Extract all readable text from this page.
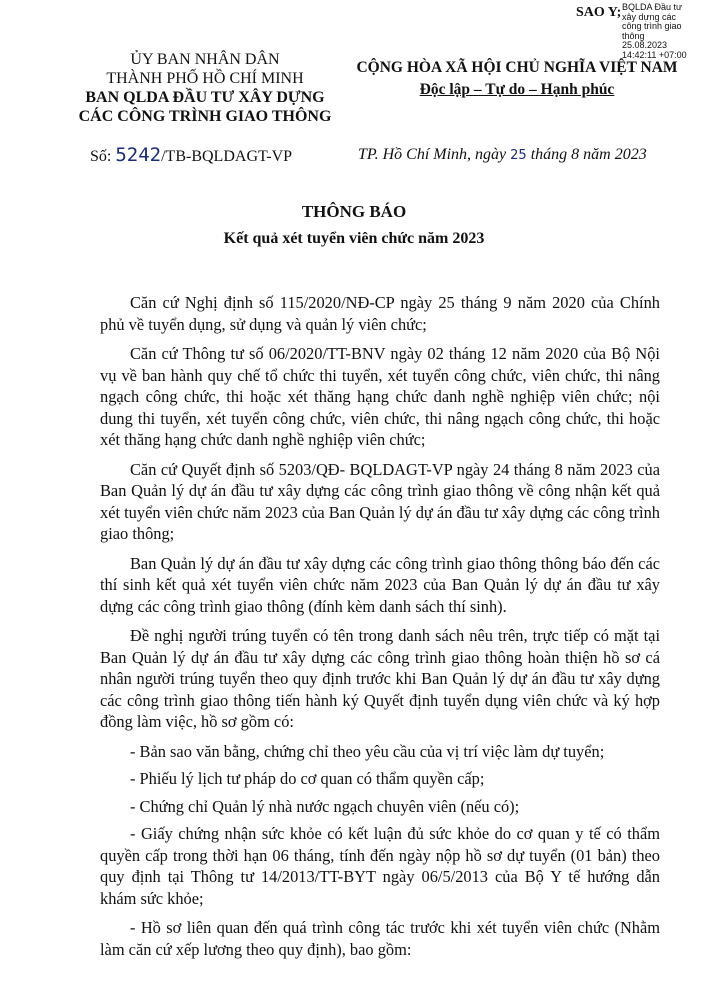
SAO Y; BQLDA Đầu tư
xây dựng các
công trình giao
thông
25.08.2023
14:42:11 +07:00
ỦY BAN NHÂN DÂN
THÀNH PHỐ HỒ CHÍ MINH
BAN QLDA ĐẦU TƯ XÂY DỰNG
CÁC CÔNG TRÌNH GIAO THÔNG
CỘNG HÒA XÃ HỘI CHỦ NGHĨA VIỆT NAM
Độc lập – Tự do – Hạnh phúc
Số: 5242/TB-BQLDAGT-VP	TP. Hồ Chí Minh, ngày 25 tháng 8 năm 2023
THÔNG BÁO
Kết quả xét tuyển viên chức năm 2023

Căn cứ Nghị định số 115/2020/NĐ-CP ngày 25 tháng 9 năm 2020 của Chính phủ về tuyển dụng, sử dụng và quản lý viên chức;

Căn cứ Thông tư số 06/2020/TT-BNV ngày 02 tháng 12 năm 2020 của Bộ Nội vụ về ban hành quy chế tổ chức thi tuyển, xét tuyển công chức, viên chức, thi nâng ngạch công chức, thi hoặc xét thăng hạng chức danh nghề nghiệp viên chức; nội dung thi tuyển, xét tuyển công chức, viên chức, thi nâng ngạch công chức, thi hoặc xét thăng hạng chức danh nghề nghiệp viên chức;

Căn cứ Quyết định số 5203/QĐ- BQLDAGT-VP ngày 24 tháng 8 năm 2023 của Ban Quản lý dự án đầu tư xây dựng các công trình giao thông về công nhận kết quả xét tuyển viên chức năm 2023 của Ban Quản lý dự án đầu tư xây dựng các công trình giao thông;

Ban Quản lý dự án đầu tư xây dựng các công trình giao thông thông báo đến các thí sinh kết quả xét tuyển viên chức năm 2023 của Ban Quản lý dự án đầu tư xây dựng các công trình giao thông (đính kèm danh sách thí sinh).

Đề nghị người trúng tuyển có tên trong danh sách nêu trên, trực tiếp có mặt tại Ban Quản lý dự án đầu tư xây dựng các công trình giao thông hoàn thiện hồ sơ cá nhân người trúng tuyển theo quy định trước khi Ban Quản lý dự án đầu tư xây dựng các công trình giao thông tiến hành ký Quyết định tuyển dụng viên chức và ký hợp đồng làm việc, hồ sơ gồm có:

- Bản sao văn bằng, chứng chỉ theo yêu cầu của vị trí việc làm dự tuyển;

- Phiếu lý lịch tư pháp do cơ quan có thẩm quyền cấp;

- Chứng chỉ Quản lý nhà nước ngạch chuyên viên (nếu có);

- Giấy chứng nhận sức khỏe có kết luận đủ sức khỏe do cơ quan y tế có thẩm quyền cấp trong thời hạn 06 tháng, tính đến ngày nộp hồ sơ dự tuyển (01 bản) theo quy định tại Thông tư 14/2013/TT-BYT ngày 06/5/2013 của Bộ Y tế hướng dẫn khám sức khỏe;

- Hồ sơ liên quan đến quá trình công tác trước khi xét tuyển viên chức (Nhằm làm căn cứ xếp lương theo quy định), bao gồm:
